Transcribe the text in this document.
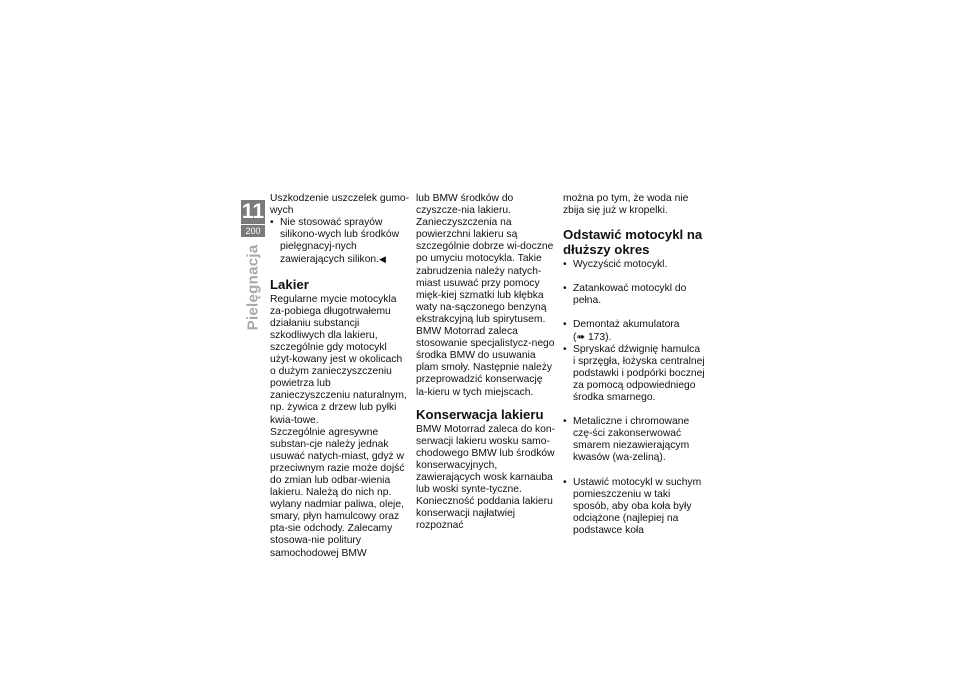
11
200
Pielęgnacja

Uszkodzenie uszczelek gumo-wych

• Nie stosować sprayów silikono-wych lub środków pielęgnacyj-nych zawierających silikon.◀
Lakier

Regularne mycie motocykla za-pobiega długotrwałemu działaniu substancji szkodliwych dla lakieru, szczególnie gdy motocykl użyt-kowany jest w okolicach o dużym zanieczyszczeniu powietrza lub zanieczyszczeniu naturalnym, np. żywica z drzew lub pyłki kwia-towe.

Szczególnie agresywne substan-cje należy jednak usuwać natych-miast, gdyż w przeciwnym razie może dojść do zmian lub odbar-wienia lakieru. Należą do nich np. wylany nadmiar paliwa, oleje, smary, płyn hamulcowy oraz pta-sie odchody. Zalecamy stosowa-nie politury samochodowej BMW

lub BMW środków do czyszcze-nia lakieru.

Zanieczyszczenia na powierzchni lakieru są szczególnie dobrze wi-doczne po umyciu motocykla. Takie zabrudzenia należy natych-miast usuwać przy pomocy mięk-kiej szmatki lub kłębka waty na-sączonego benzyną ekstrakcyjną lub spirytusem. BMW Motorrad zaleca stosowanie specjalistycz-nego środka BMW do usuwania plam smoły. Następnie należy przeprowadzić konserwację la-kieru w tych miejscach.

Konserwacja lakieru

BMW Motorrad zaleca do kon-serwacji lakieru wosku samo-chodowego BMW lub środków konserwacyjnych, zawierających wosk karnauba lub woski synte-tyczne.

Konieczność poddania lakieru konserwacji najłatwiej rozpoznać

można po tym, że woda nie zbija się już w kropelki.

Odstawić motocykl na dłuższy okres
• Wyczyścić motocykl.
• Zatankować motocykl do pełna.
• Demontaż akumulatora
(➠ 173).
• Spryskać dźwignię hamulca i sprzęgła, łożyska centralnej podstawki i podpórki bocznej za pomocą odpowiedniego środka smarnego.
• Metaliczne i chromowane czę-ści zakonserwować smarem niezawierającym kwasów (wa-zeliną).
• Ustawić motocykl w suchym pomieszczeniu w taki sposób, aby oba koła były odciążone (najlepiej na podstawce koła
